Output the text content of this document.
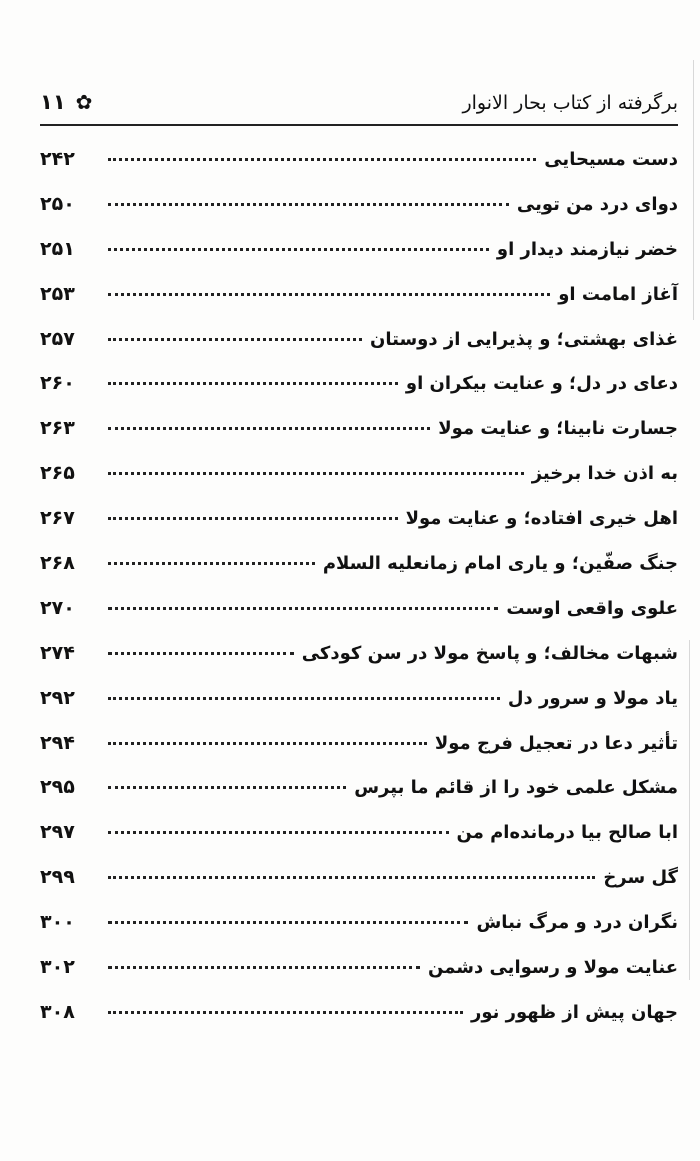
برگرفته از کتاب بحار الانوار
۱۱ ✿
دست مسیحایی
۲۴۲
دوای درد من تویی
۲۵۰
خضر نیازمند دیدار او
۲۵۱
آغاز امامت او
۲۵۳
غذای بهشتی؛ و پذیرایی از دوستان
۲۵۷
دعای در دل؛ و عنایت بیکران او
۲۶۰
جسارت نابینا؛ و عنایت مولا
۲۶۳
به اذن خدا برخیز
۲۶۵
اهل خیری افتاده؛ و عنایت مولا
۲۶۷
جنگ صفّین؛ و یاری امام زمانعليه السلام
۲۶۸
علوی واقعی اوست
۲۷۰
شبهات مخالف؛ و پاسخ مولا در سن کودکی
۲۷۴
یاد مولا و سرور دل
۲۹۲
تأثیر دعا در تعجیل فرج مولا
۲۹۴
مشکل علمی خود را از قائم ما بپرس
۲۹۵
ابا صالح بیا درمانده‌ام من
۲۹۷
گل سرخ
۲۹۹
نگران درد و مرگ نباش
۳۰۰
عنایت مولا و رسوایی دشمن
۳۰۲
جهان پیش از ظهور نور
۳۰۸
